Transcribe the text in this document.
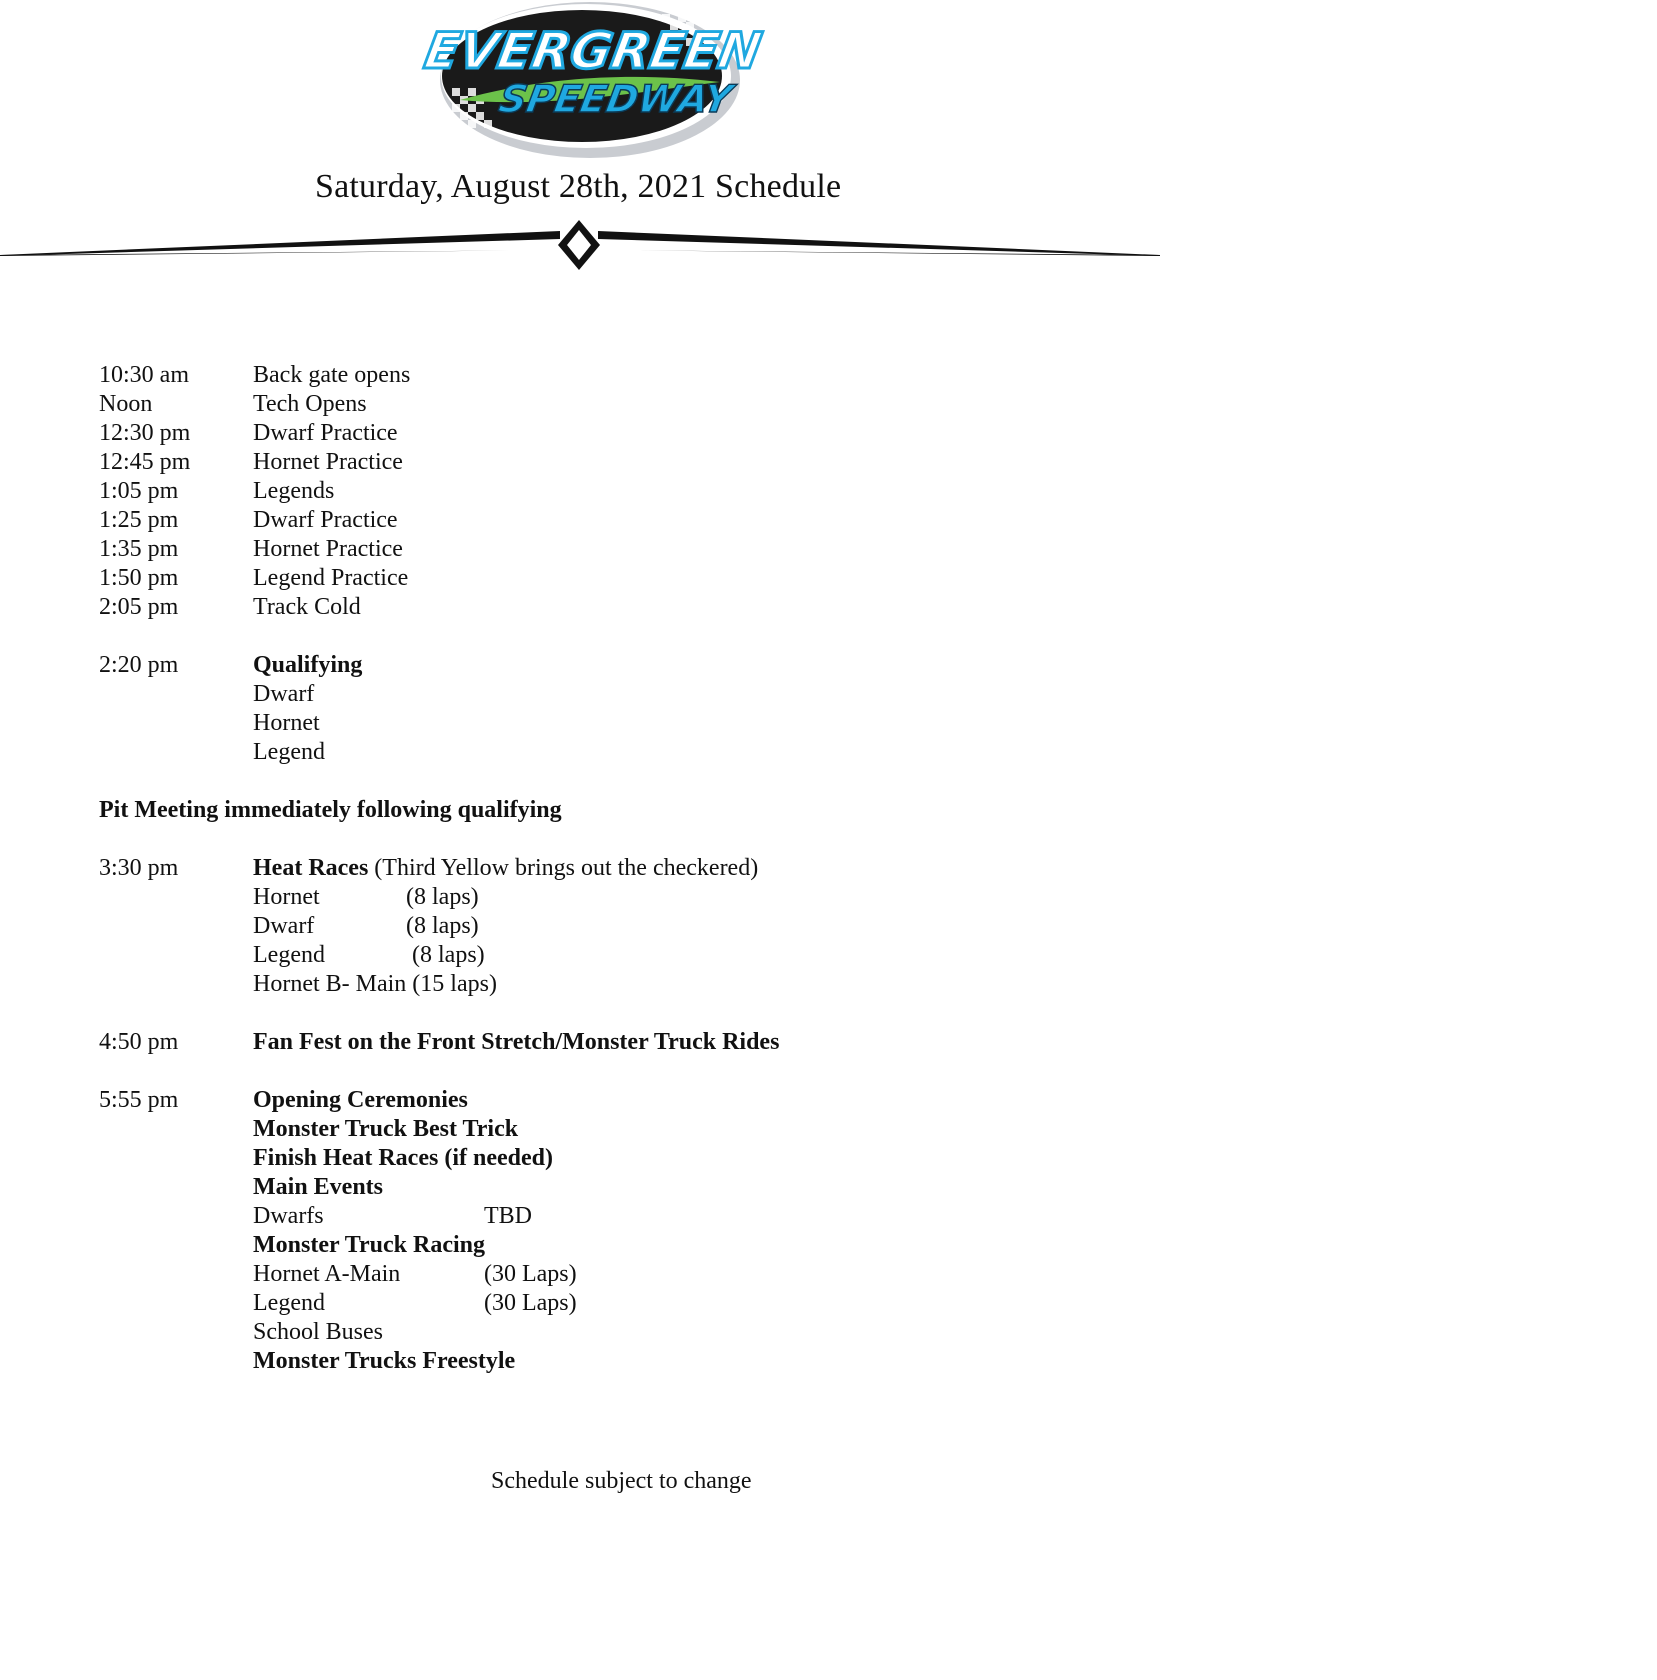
EVERGREEN
SPEEDWAY
Saturday, August 28th, 2021 Schedule
10:30 am	Back gate opens
Noon	Tech Opens
12:30 pm	Dwarf Practice
12:45 pm	Hornet Practice
1:05 pm	Legends
1:25 pm	Dwarf Practice
1:35 pm	Hornet Practice
1:50 pm	Legend Practice
2:05 pm	Track Cold
2:20 pm	Qualifying
Dwarf
Hornet
Legend
Pit Meeting immediately following qualifying
3:30 pm	Heat Races (Third Yellow brings out the checkered)
Hornet	(8 laps)
Dwarf	(8 laps)
Legend	(8 laps)
Hornet B- Main (15 laps)
4:50 pm	Fan Fest on the Front Stretch/Monster Truck Rides
5:55 pm	Opening Ceremonies
Monster Truck Best Trick
Finish Heat Races (if needed)
Main Events
Dwarfs	TBD
Monster Truck Racing
Hornet A-Main	(30 Laps)
Legend	(30 Laps)
School Buses
Monster Trucks Freestyle
Schedule subject to change
